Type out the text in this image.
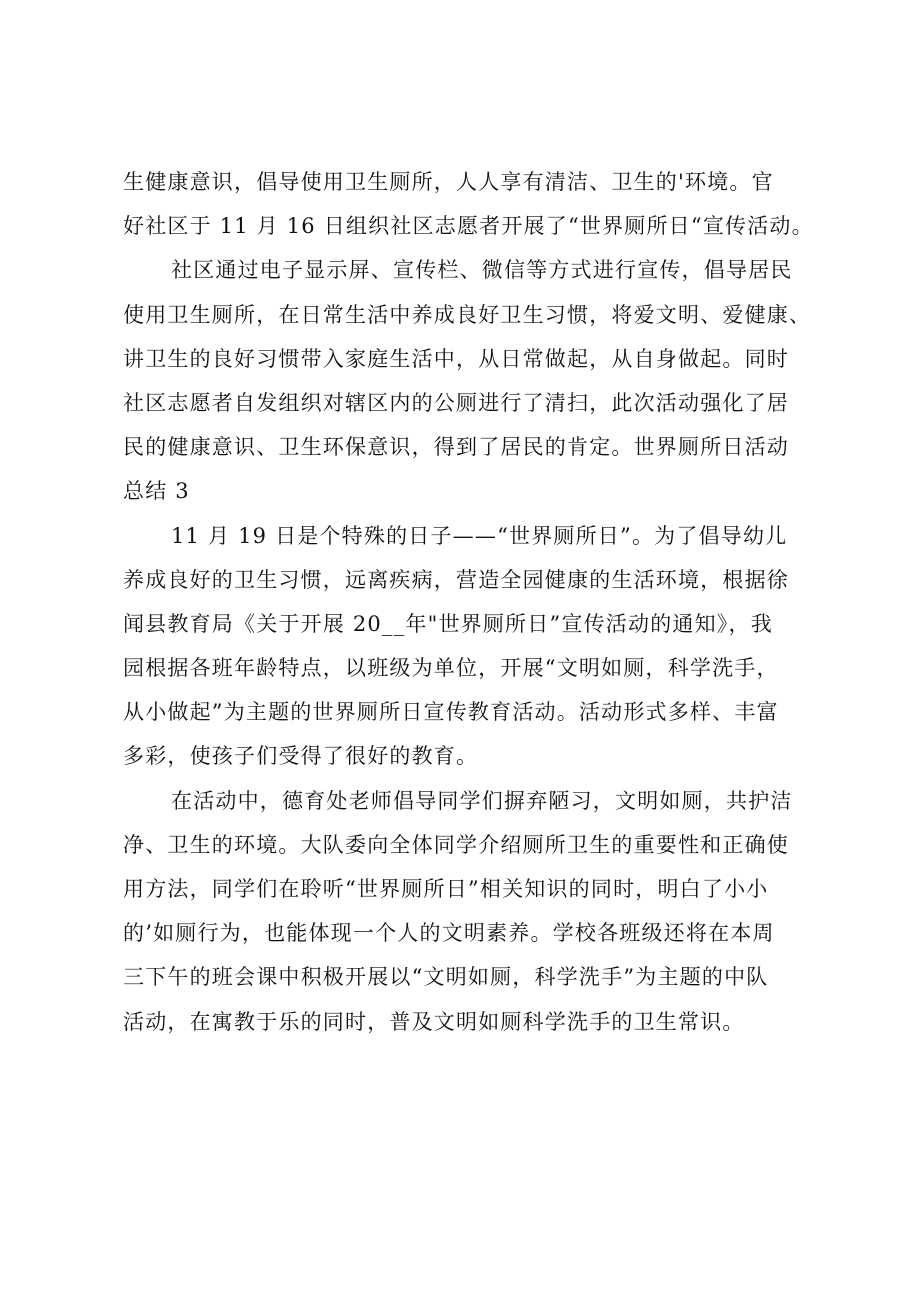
生健康意识，倡导使用卫生厕所，人人享有清洁、卫生的'环境。官
好社区于 11 月 16 日组织社区志愿者开展了“世界厕所日“宣传活动。
社区通过电子显示屏、宣传栏、微信等方式进行宣传，倡导居民
使用卫生厕所，在日常生活中养成良好卫生习惯，将爱文明、爱健康、
讲卫生的良好习惯带入家庭生活中，从日常做起，从自身做起。同时
社区志愿者自发组织对辖区内的公厕进行了清扫，此次活动强化了居
民的健康意识、卫生环保意识，得到了居民的肯定。世界厕所日活动
总结 3
11 月 19 日是个特殊的日子——“世界厕所日”。为了倡导幼儿
养成良好的卫生习惯，远离疾病，营造全园健康的生活环境，根据徐
闻县教育局《关于开展 20__年"世界厕所日”宣传活动的通知》，我
园根据各班年龄特点，以班级为单位，开展“文明如厕，科学洗手，
从小做起”为主题的世界厕所日宣传教育活动。活动形式多样、丰富
多彩，使孩子们受得了很好的教育。
在活动中，德育处老师倡导同学们摒弃陋习，文明如厕，共护洁
净、卫生的环境。大队委向全体同学介绍厕所卫生的重要性和正确使
用方法，同学们在聆听“世界厕所日”相关知识的同时，明白了小小
的’如厕行为，也能体现一个人的文明素养。学校各班级还将在本周
三下午的班会课中积极开展以“文明如厕，科学洗手”为主题的中队
活动，在寓教于乐的同时，普及文明如厕科学洗手的卫生常识。
